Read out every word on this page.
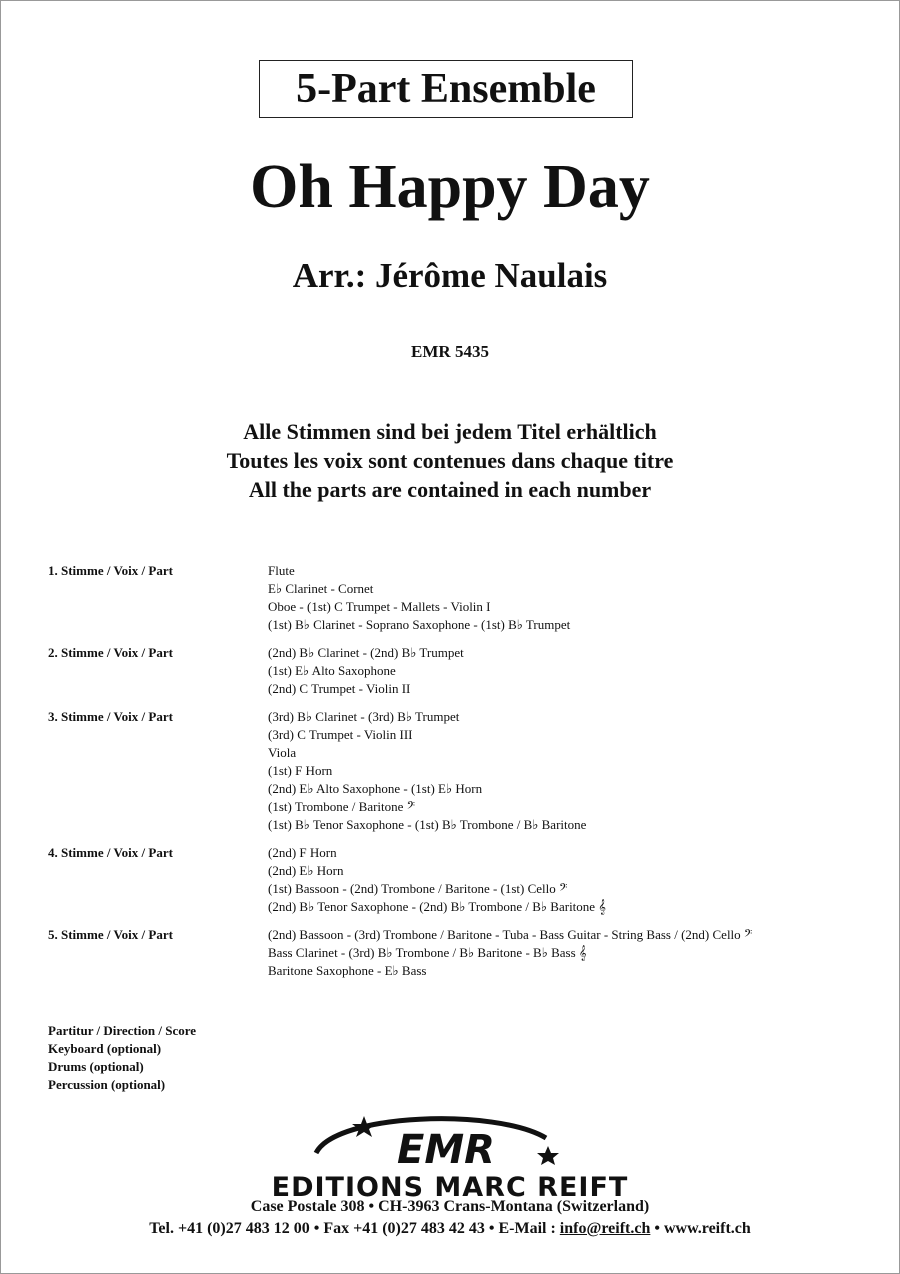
5-Part Ensemble
Oh Happy Day
Arr.: Jérôme Naulais
EMR 5435
Alle Stimmen sind bei jedem Titel erhältlich
Toutes les voix sont contenues dans chaque titre
All the parts are contained in each number
1. Stimme / Voix / Part	Flute
E♭ Clarinet - Cornet
Oboe - (1st) C Trumpet - Mallets - Violin I
(1st) B♭ Clarinet - Soprano Saxophone - (1st) B♭ Trumpet
2. Stimme / Voix / Part	(2nd) B♭ Clarinet - (2nd) B♭ Trumpet
(1st) E♭ Alto Saxophone
(2nd) C Trumpet - Violin II
3. Stimme / Voix / Part	(3rd) B♭ Clarinet - (3rd) B♭ Trumpet
(3rd) C Trumpet - Violin III
Viola
(1st) F Horn
(2nd) E♭ Alto Saxophone - (1st) E♭ Horn
(1st) Trombone / Baritone 𝄢
(1st) B♭ Tenor Saxophone - (1st) B♭ Trombone / B♭ Baritone
4. Stimme / Voix / Part	(2nd) F Horn
(2nd) E♭ Horn
(1st) Bassoon - (2nd) Trombone / Baritone - (1st) Cello 𝄢
(2nd) B♭ Tenor Saxophone - (2nd) B♭ Trombone / B♭ Baritone 𝄞
5. Stimme / Voix / Part	(2nd) Bassoon - (3rd) Trombone / Baritone - Tuba - Bass Guitar - String Bass / (2nd) Cello 𝄢
Bass Clarinet - (3rd) B♭ Trombone / B♭ Baritone - B♭ Bass 𝄞
Baritone Saxophone - E♭ Bass
Partitur / Direction / Score
Keyboard (optional)
Drums (optional)
Percussion (optional)
EMR
EDITIONS MARC REIFT
Case Postale 308 • CH-3963 Crans-Montana (Switzerland)
Tel. +41 (0)27 483 12 00 • Fax +41 (0)27 483 42 43 • E-Mail : info@reift.ch • www.reift.ch
